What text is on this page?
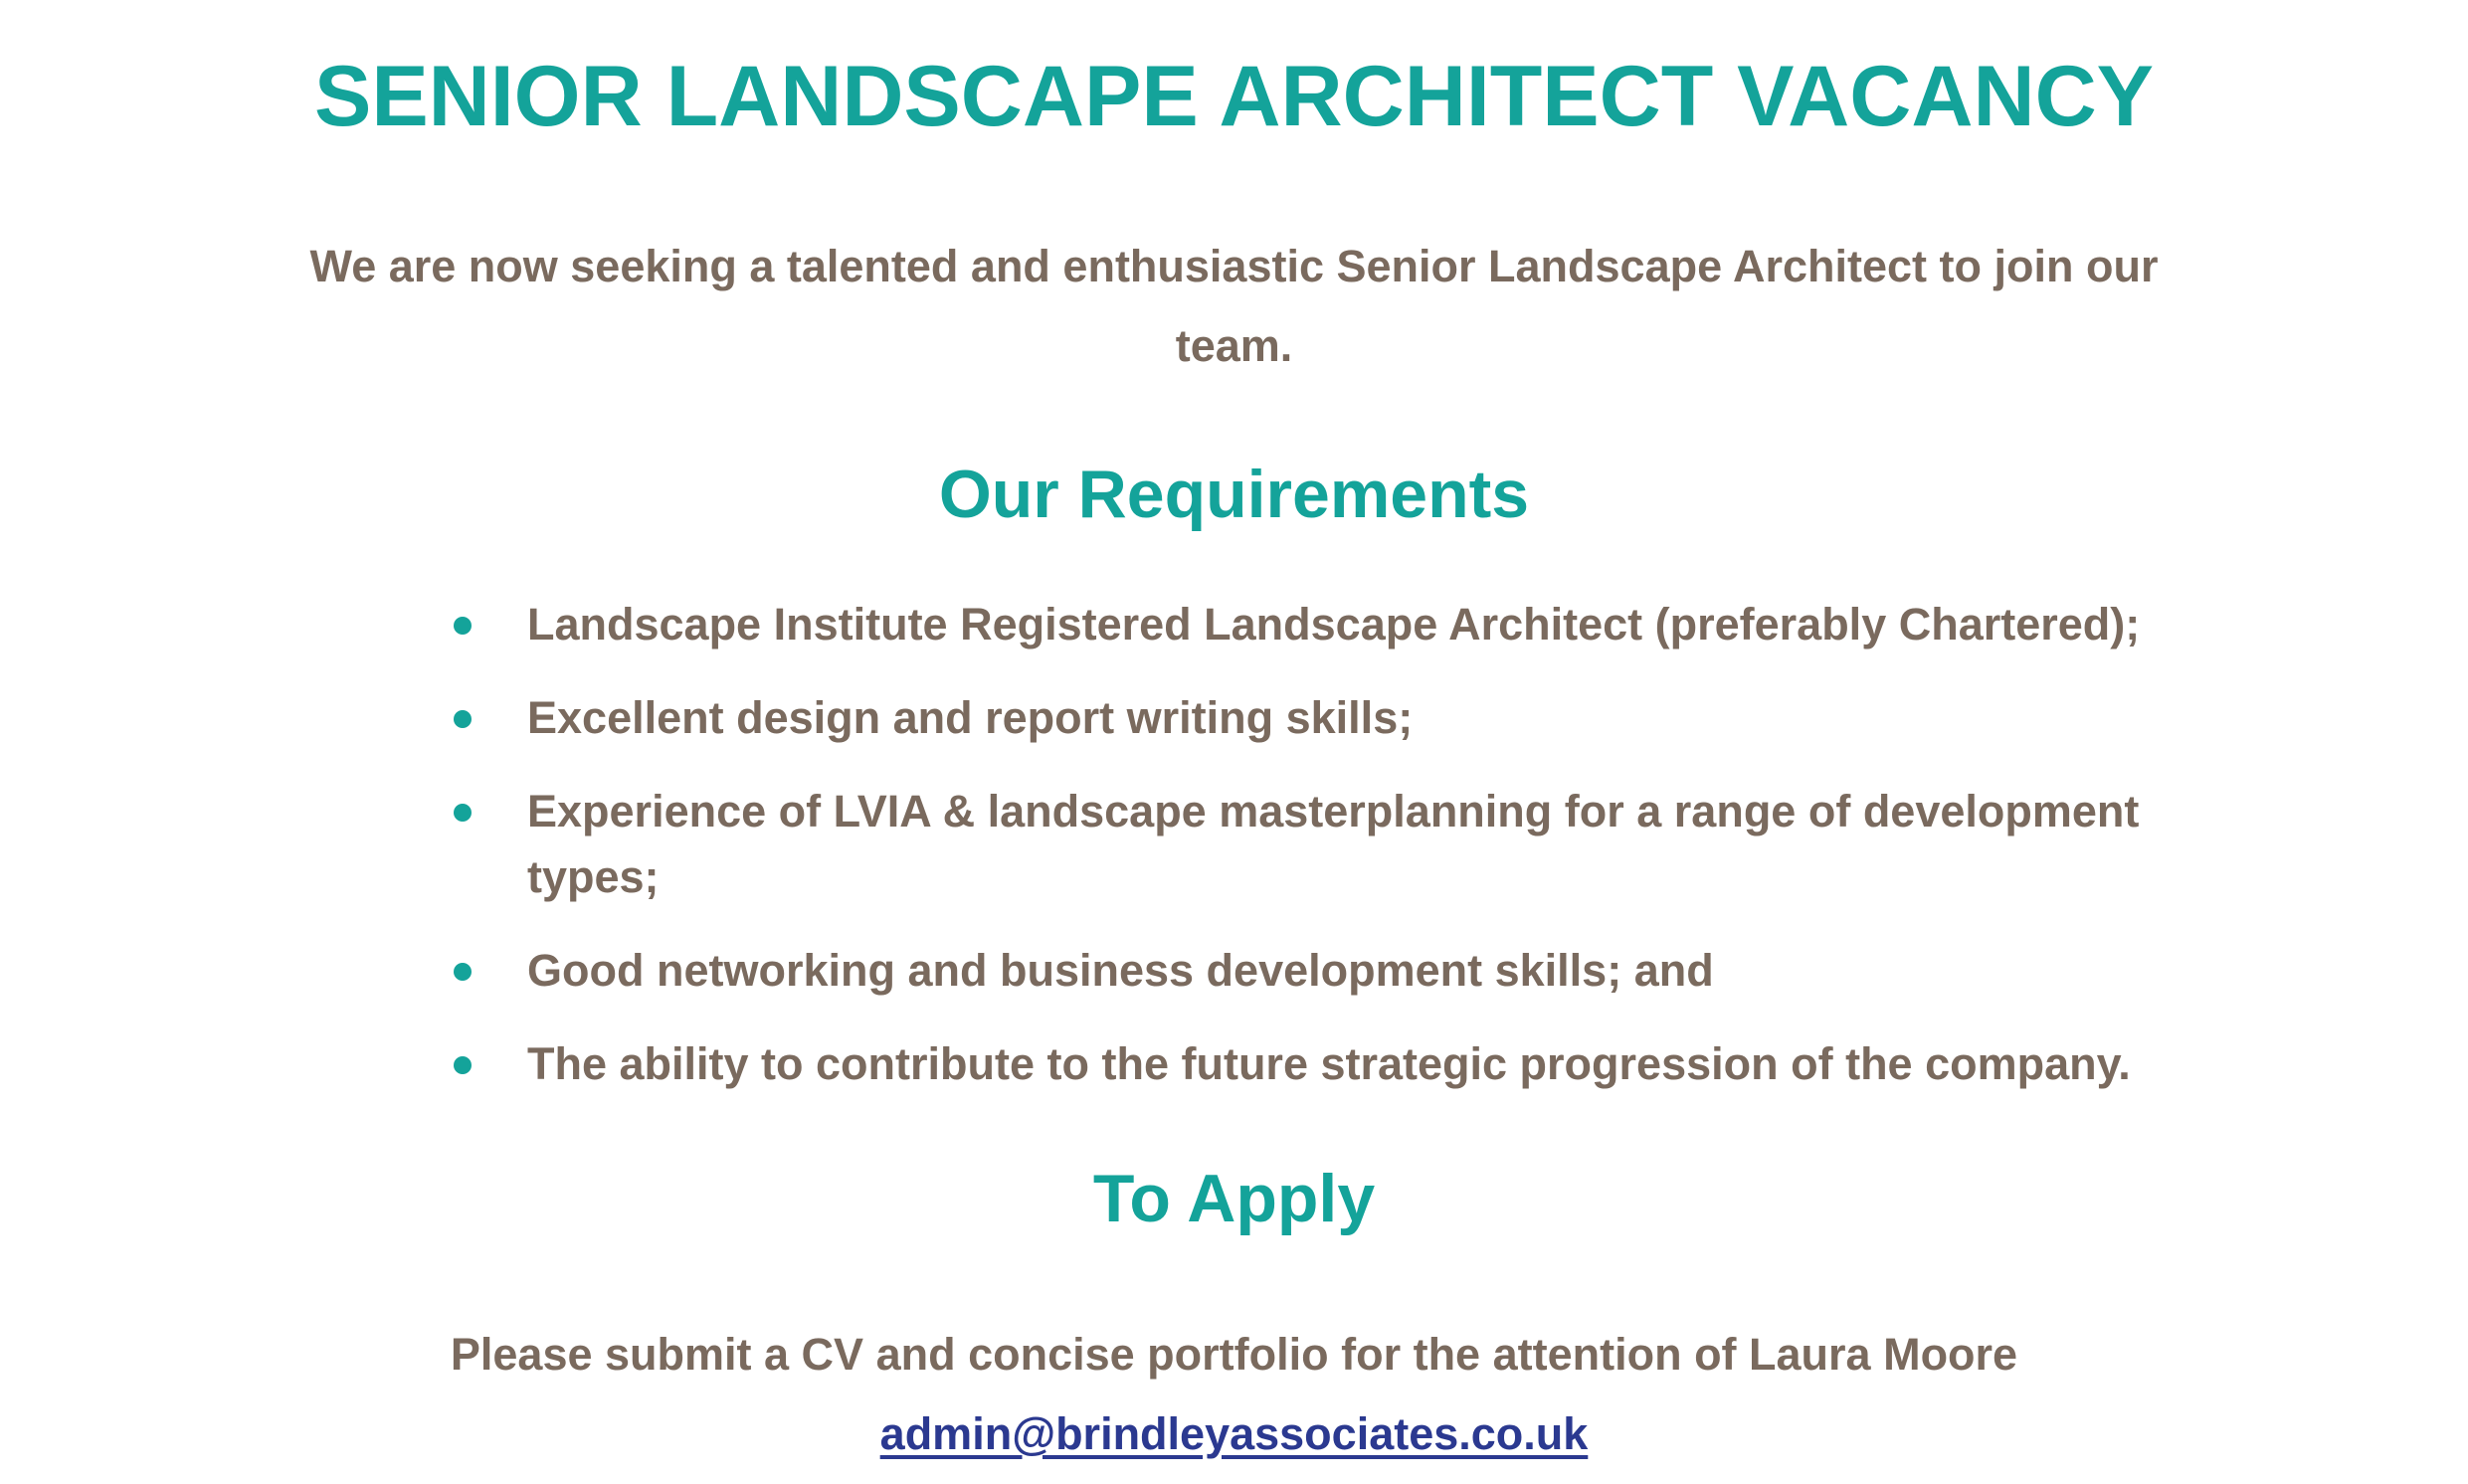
SENIOR LANDSCAPE ARCHITECT VACANCY
We are now seeking a talented and enthusiastic Senior Landscape Architect to join our team.
Our Requirements
Landscape Institute Registered Landscape Architect (preferably Chartered);
Excellent design and report writing skills;
Experience of LVIA & landscape masterplanning for a range of development types;
Good networking and business development skills; and
The ability to contribute to the future strategic progression of the company.
To Apply
Please submit a CV and concise portfolio for the attention of Laura Moore
admin@brindleyassociates.co.uk
